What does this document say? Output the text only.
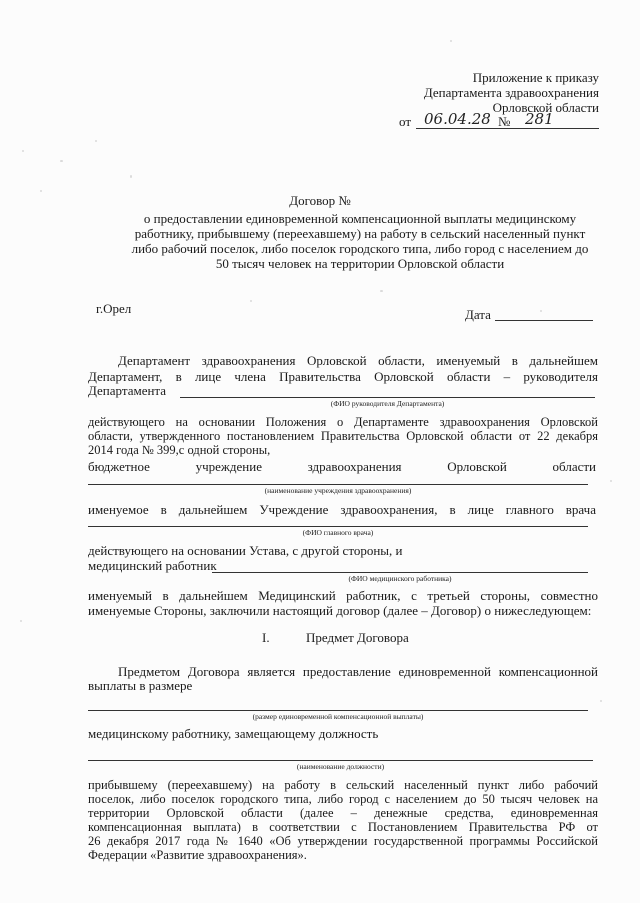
Приложение к приказу
Департамента здравоохранения
Орловской области
от 06.04.28 № 281
Договор №
о предоставлении единовременной компенсационной выплаты медицинскому
работнику, прибывшему (переехавшему) на работу в сельский населенный пункт
либо рабочий поселок, либо поселок городского типа, либо город с населением до
50 тысяч человек на территории Орловской области
г.Орел	Дата
Департамент здравоохранения Орловской области, именуемый в дальнейшем
Департамент, в лице члена Правительства Орловской области – руководителя
Департамента
(ФИО руководителя Департамента)
действующего на основании Положения о Департаменте здравоохранения Орловской
области, утвержденного постановлением Правительства Орловской области от 22 декабря
2014 года № 399,с одной стороны,
бюджетное учреждение здравоохранения Орловской области
(наименование учреждения здравоохранения)
именуемое в дальнейшем Учреждение здравоохранения, в лице главного врача
(ФИО главного врача)
действующего на основании Устава, с другой стороны, и
медицинский работник
(ФИО медицинского работника)
именуемый в дальнейшем Медицинский работник, с третьей стороны, совместно
именуемые Стороны, заключили настоящий договор (далее – Договор) о нижеследующем:
I.	Предмет Договора
Предметом Договора является предоставление единовременной компенсационной
выплаты в размере
(размер единовременной компенсационной выплаты)
медицинскому работнику, замещающему должность
(наименование должности)
прибывшему (переехавшему) на работу в сельский населенный пункт либо рабочий
поселок, либо поселок городского типа, либо город с населением до 50 тысяч человек на
территории Орловской области (далее – денежные средства, единовременная
компенсационная выплата) в соответствии с Постановлением Правительства РФ от
26 декабря 2017 года № 1640 «Об утверждении государственной программы Российской
Федерации «Развитие здравоохранения».
